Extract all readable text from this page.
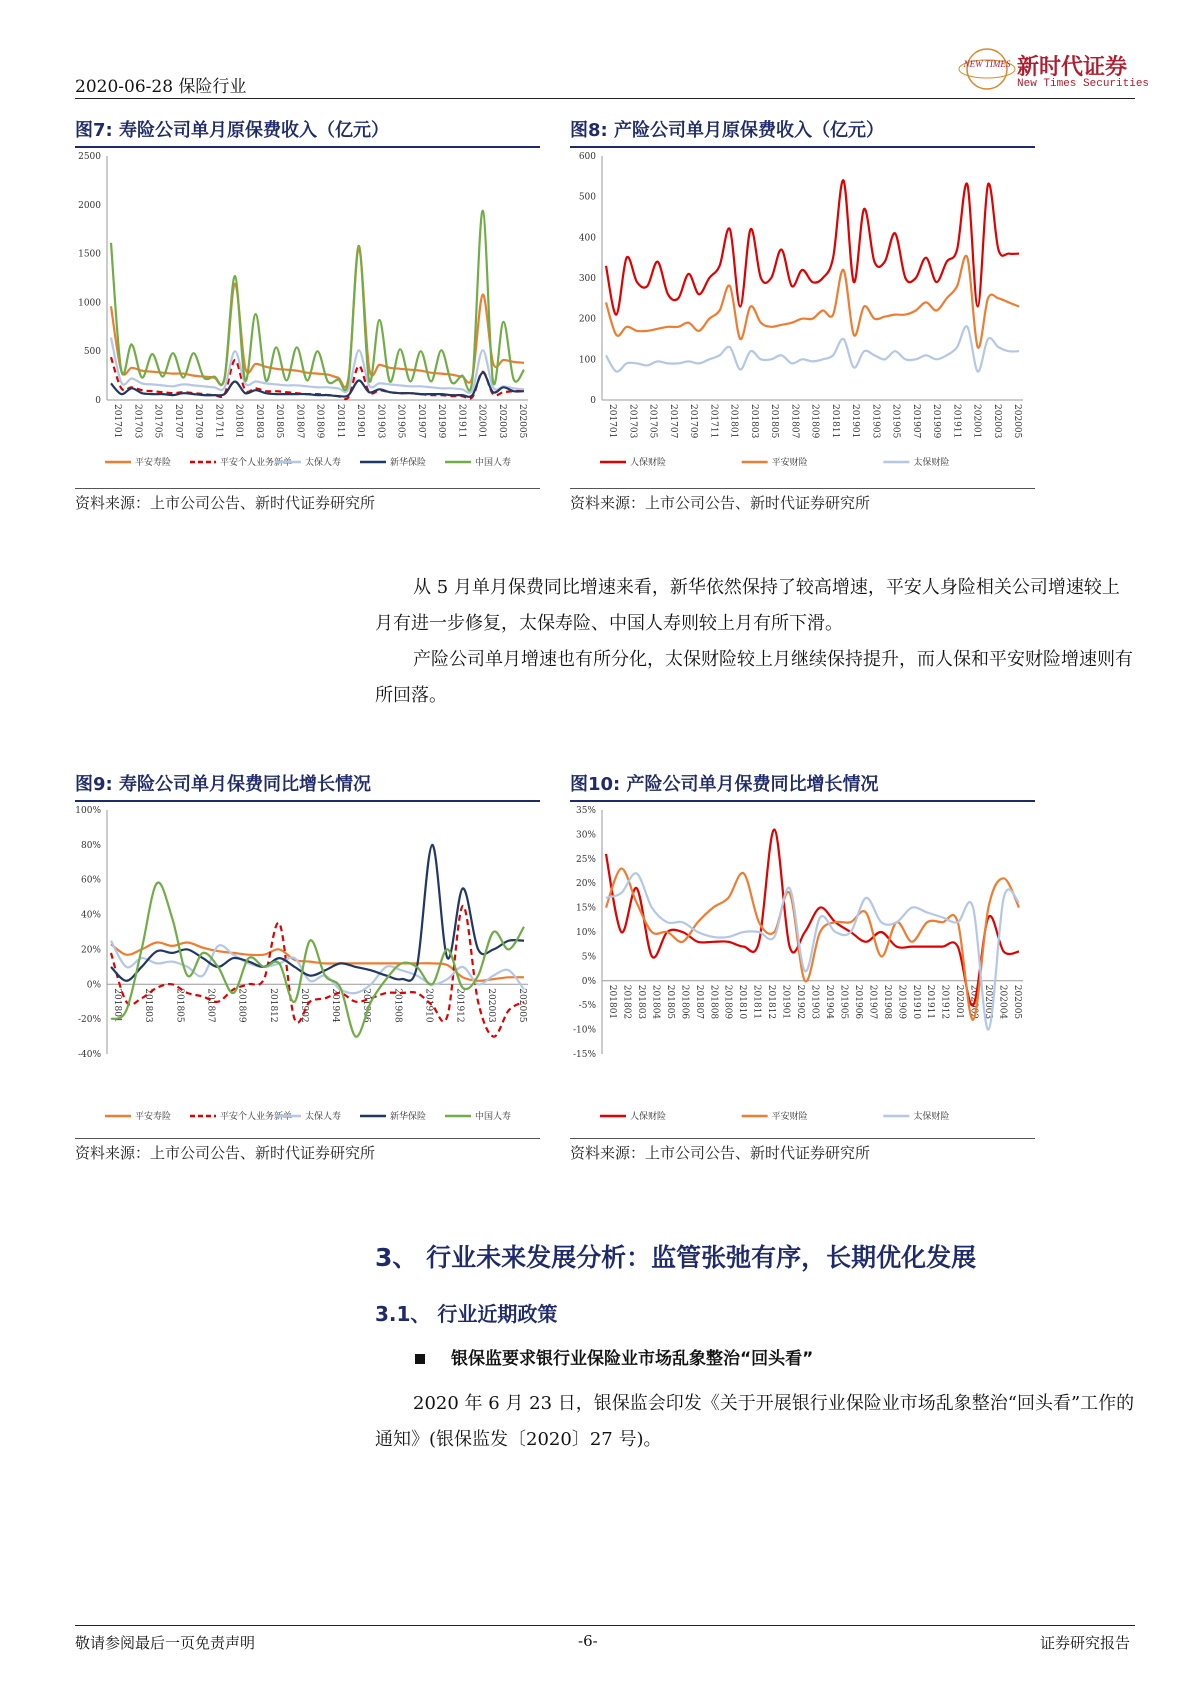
2020-06-28 保险行业
NEW TIMES 新时代证券
New Times Securities
图7: 寿险公司单月原保费收入（亿元）
2500
2000
1500
1000
500
0
201701 201703 201705 201707 201709 201711 201801 201803 201805 201807 201809 201811 201901 201903 201905 201907 201909 201911 202001 202003 202005
平安寿险	平安个人业务新单 太保人寿	新华保险	中国人寿
资料来源：上市公司公告、新时代证券研究所
图8: 产险公司单月原保费收入（亿元）
600
500
400
300
200
100
0
201701 201703 201705 201707 201709 201711 201801 201803 201805 201807 201809 201811 201901 201903 201905 201907 201909 201911 202001 202003 202005
人保财险	平安财险	太保财险
资料来源：上市公司公告、新时代证券研究所
从 5 月单月保费同比增速来看，新华依然保持了较高增速，平安人身险相关公司增速较上月有进一步修复，太保寿险、中国人寿则较上月有所下滑。
产险公司单月增速也有所分化，太保财险较上月继续保持提升，而人保和平安财险增速则有所回落。
图9: 寿险公司单月保费同比增长情况
100%
80%
60%
40%
20%
0%
-20%
-40%
201801 201803 201805 201807 201809 201812 201902 201904 201906 201908 201910 201912 202003 202005
平安寿险	平安个人业务新单 太保人寿	新华保险	中国人寿
资料来源：上市公司公告、新时代证券研究所
图10: 产险公司单月保费同比增长情况
35%
30%
25%
20%
15%
10%
5%
0%
-5%
-10%
-15%
201801 201802 201803 201804 201805 201806 201807 201808 201809 201810 201811 201812 201901 201902 201903 201904 201905 201906 201907 201908 201909 201910 201911 201912 202001 202002 202003 202004 202005
人保财险	平安财险	太保财险
资料来源：上市公司公告、新时代证券研究所
3、 行业未来发展分析：监管张弛有序，长期优化发展
3.1、 行业近期政策
银保监要求银行业保险业市场乱象整治“回头看”
2020 年 6 月 23 日，银保监会印发《关于开展银行业保险业市场乱象整治“回头看”工作的通知》(银保监发〔2020〕27 号)。
敬请参阅最后一页免责声明	-6-	证券研究报告
